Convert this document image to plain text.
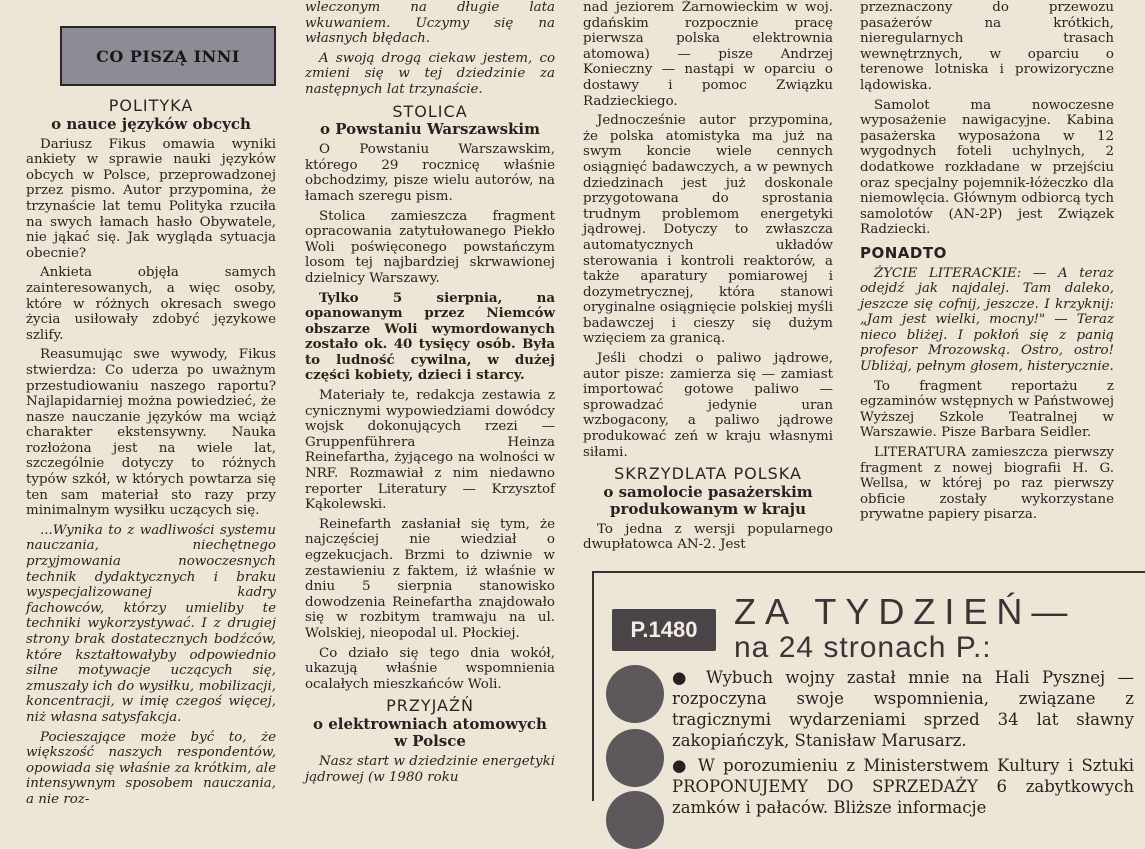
CO PISZĄ INNI
POLITYKA
o nauce języków obcych

Dariusz Fikus omawia wyniki ankiety w sprawie nauki języków obcych w Polsce, przeprowadzonej przez pismo. Autor przypomina, że trzynaście lat temu Polityka rzuciła na swych łamach hasło Obywatele, nie jąkać się. Jak wygląda sytuacja obecnie?

Ankieta objęła samych zainteresowanych, a więc osoby, które w różnych okresach swego życia usiłowały zdobyć językowe szlify.

Reasumując swe wywody, Fikus stwierdza: Co uderza po uważnym przestudiowaniu naszego raportu? Najlapidarniej można powiedzieć, że nasze nauczanie języków ma wciąż charakter ekstensywny. Nauka rozłożona jest na wiele lat, szczególnie dotyczy to różnych typów szkół, w których powtarza się ten sam materiał sto razy przy minimalnym wysiłku uczących się.

...Wynika to z wadliwości systemu nauczania, niechętnego przyjmowania nowoczesnych technik dydaktycznych i braku wyspecjalizowanej kadry fachowców, którzy umieliby te techniki wykorzystywać. I z drugiej strony brak dostatecznych bodźców, które kształtowałyby odpowiednio silne motywacje uczących się, zmuszały ich do wysiłku, mobilizacji, koncentracji, w imię czegoś więcej, niż własna satysfakcja.

Pocieszające może być to, że większość naszych respondentów, opowiada się właśnie za krótkim, ale intensywnym sposobem nauczania, a nie roz-

wleczonym na długie lata wkuwaniem. Uczymy się na własnych błędach.

A swoją drogą ciekaw jestem, co zmieni się w tej dziedzinie za następnych lat trzynaście.

STOLICA
o Powstaniu Warszawskim

O Powstaniu Warszawskim, którego 29 rocznicę właśnie obchodzimy, pisze wielu autorów, na łamach szeregu pism.

Stolica zamieszcza fragment opracowania zatytułowanego Piekło Woli poświęconego powstańczym losom tej najbardziej skrwawionej dzielnicy Warszawy.

Tylko 5 sierpnia, na opanowanym przez Niemców obszarze Woli wymordowanych zostało ok. 40 tysięcy osób. Była to ludność cywilna, w dużej części kobiety, dzieci i starcy.

Materiały te, redakcja zestawia z cynicznymi wypowiedziami dowódcy wojsk dokonujących rzezi — Gruppenführera Heinza Reinefartha, żyjącego na wolności w NRF. Rozmawiał z nim niedawno reporter Literatury — Krzysztof Kąkolewski.

Reinefarth zasłaniał się tym, że najczęściej nie wiedział o egzekucjach. Brzmi to dziwnie w zestawieniu z faktem, iż właśnie w dniu 5 sierpnia stanowisko dowodzenia Reinefartha znajdowało się w rozbitym tramwaju na ul. Wolskiej, nieopodal ul. Płockiej.

Co działo się tego dnia wokół, ukazują właśnie wspomnienia ocalałych mieszkańców Woli.

PRZYJAŹŃ
o elektrowniach atomowych w Polsce

Nasz start w dziedzinie energetyki jądrowej (w 1980 roku

nad jeziorem Żarnowieckim w woj. gdańskim rozpocznie pracę pierwsza polska elektrownia atomowa) — pisze Andrzej Konieczny — nastąpi w oparciu o dostawy i pomoc Związku Radzieckiego.

Jednocześnie autor przypomina, że polska atomistyka ma już na swym koncie wiele cennych osiągnięć badawczych, a w pewnych dziedzinach jest już doskonale przygotowana do sprostania trudnym problemom energetyki jądrowej. Dotyczy to zwłaszcza automatycznych układów sterowania i kontroli reaktorów, a także aparatury pomiarowej i dozymetrycznej, która stanowi oryginalne osiągnięcie polskiej myśli badawczej i cieszy się dużym wzięciem za granicą.

Jeśli chodzi o paliwo jądrowe, autor pisze: zamierza się — zamiast importować gotowe paliwo — sprowadzać jedynie uran wzbogacony, a paliwo jądrowe produkować zeń w kraju własnymi siłami.

SKRZYDLATA POLSKA
o samolocie pasażerskim produkowanym w kraju

To jedna z wersji popularnego dwupłatowca AN-2. Jest

przeznaczony do przewozu pasażerów na krótkich, nieregularnych trasach wewnętrznych, w oparciu o terenowe lotniska i prowizoryczne lądowiska.

Samolot ma nowoczesne wyposażenie nawigacyjne. Kabina pasażerska wyposażona w 12 wygodnych foteli uchylnych, 2 dodatkowe rozkładane w przejściu oraz specjalny pojemnik-łóżeczko dla niemowlęcia. Głównym odbiorcą tych samolotów (AN-2P) jest Związek Radziecki.

PONADTO

ŻYCIE LITERACKIE: — A teraz odejdź jak najdalej. Tam daleko, jeszcze się cofnij, jeszcze. I krzyknij: „Jam jest wielki, mocny!" — Teraz nieco bliżej. I pokłoń się z panią profesor Mrozowską. Ostro, ostro! Ubliżaj, pełnym głosem, histerycznie.

To fragment reportażu z egzaminów wstępnych w Państwowej Wyższej Szkole Teatralnej w Warszawie. Pisze Barbara Seidler.

LITERATURA zamieszcza pierwszy fragment z nowej biografii H. G. Wellsa, w której po raz pierwszy obficie zostały wykorzystane prywatne papiery pisarza.

P.1480	ZA TYDZIEŃ—
na 24 stronach P.:

● Wybuch wojny zastał mnie na Hali Pysznej — rozpoczyna swoje wspomnienia, związane z tragicznymi wydarzeniami sprzed 34 lat sławny zakopiańczyk, Stanisław Marusarz.

● W porozumieniu z Ministerstwem Kultury i Sztuki PROPONUJEMY DO SPRZEDAŻY 6 zabytkowych zamków i pałaców. Bliższe informacje
